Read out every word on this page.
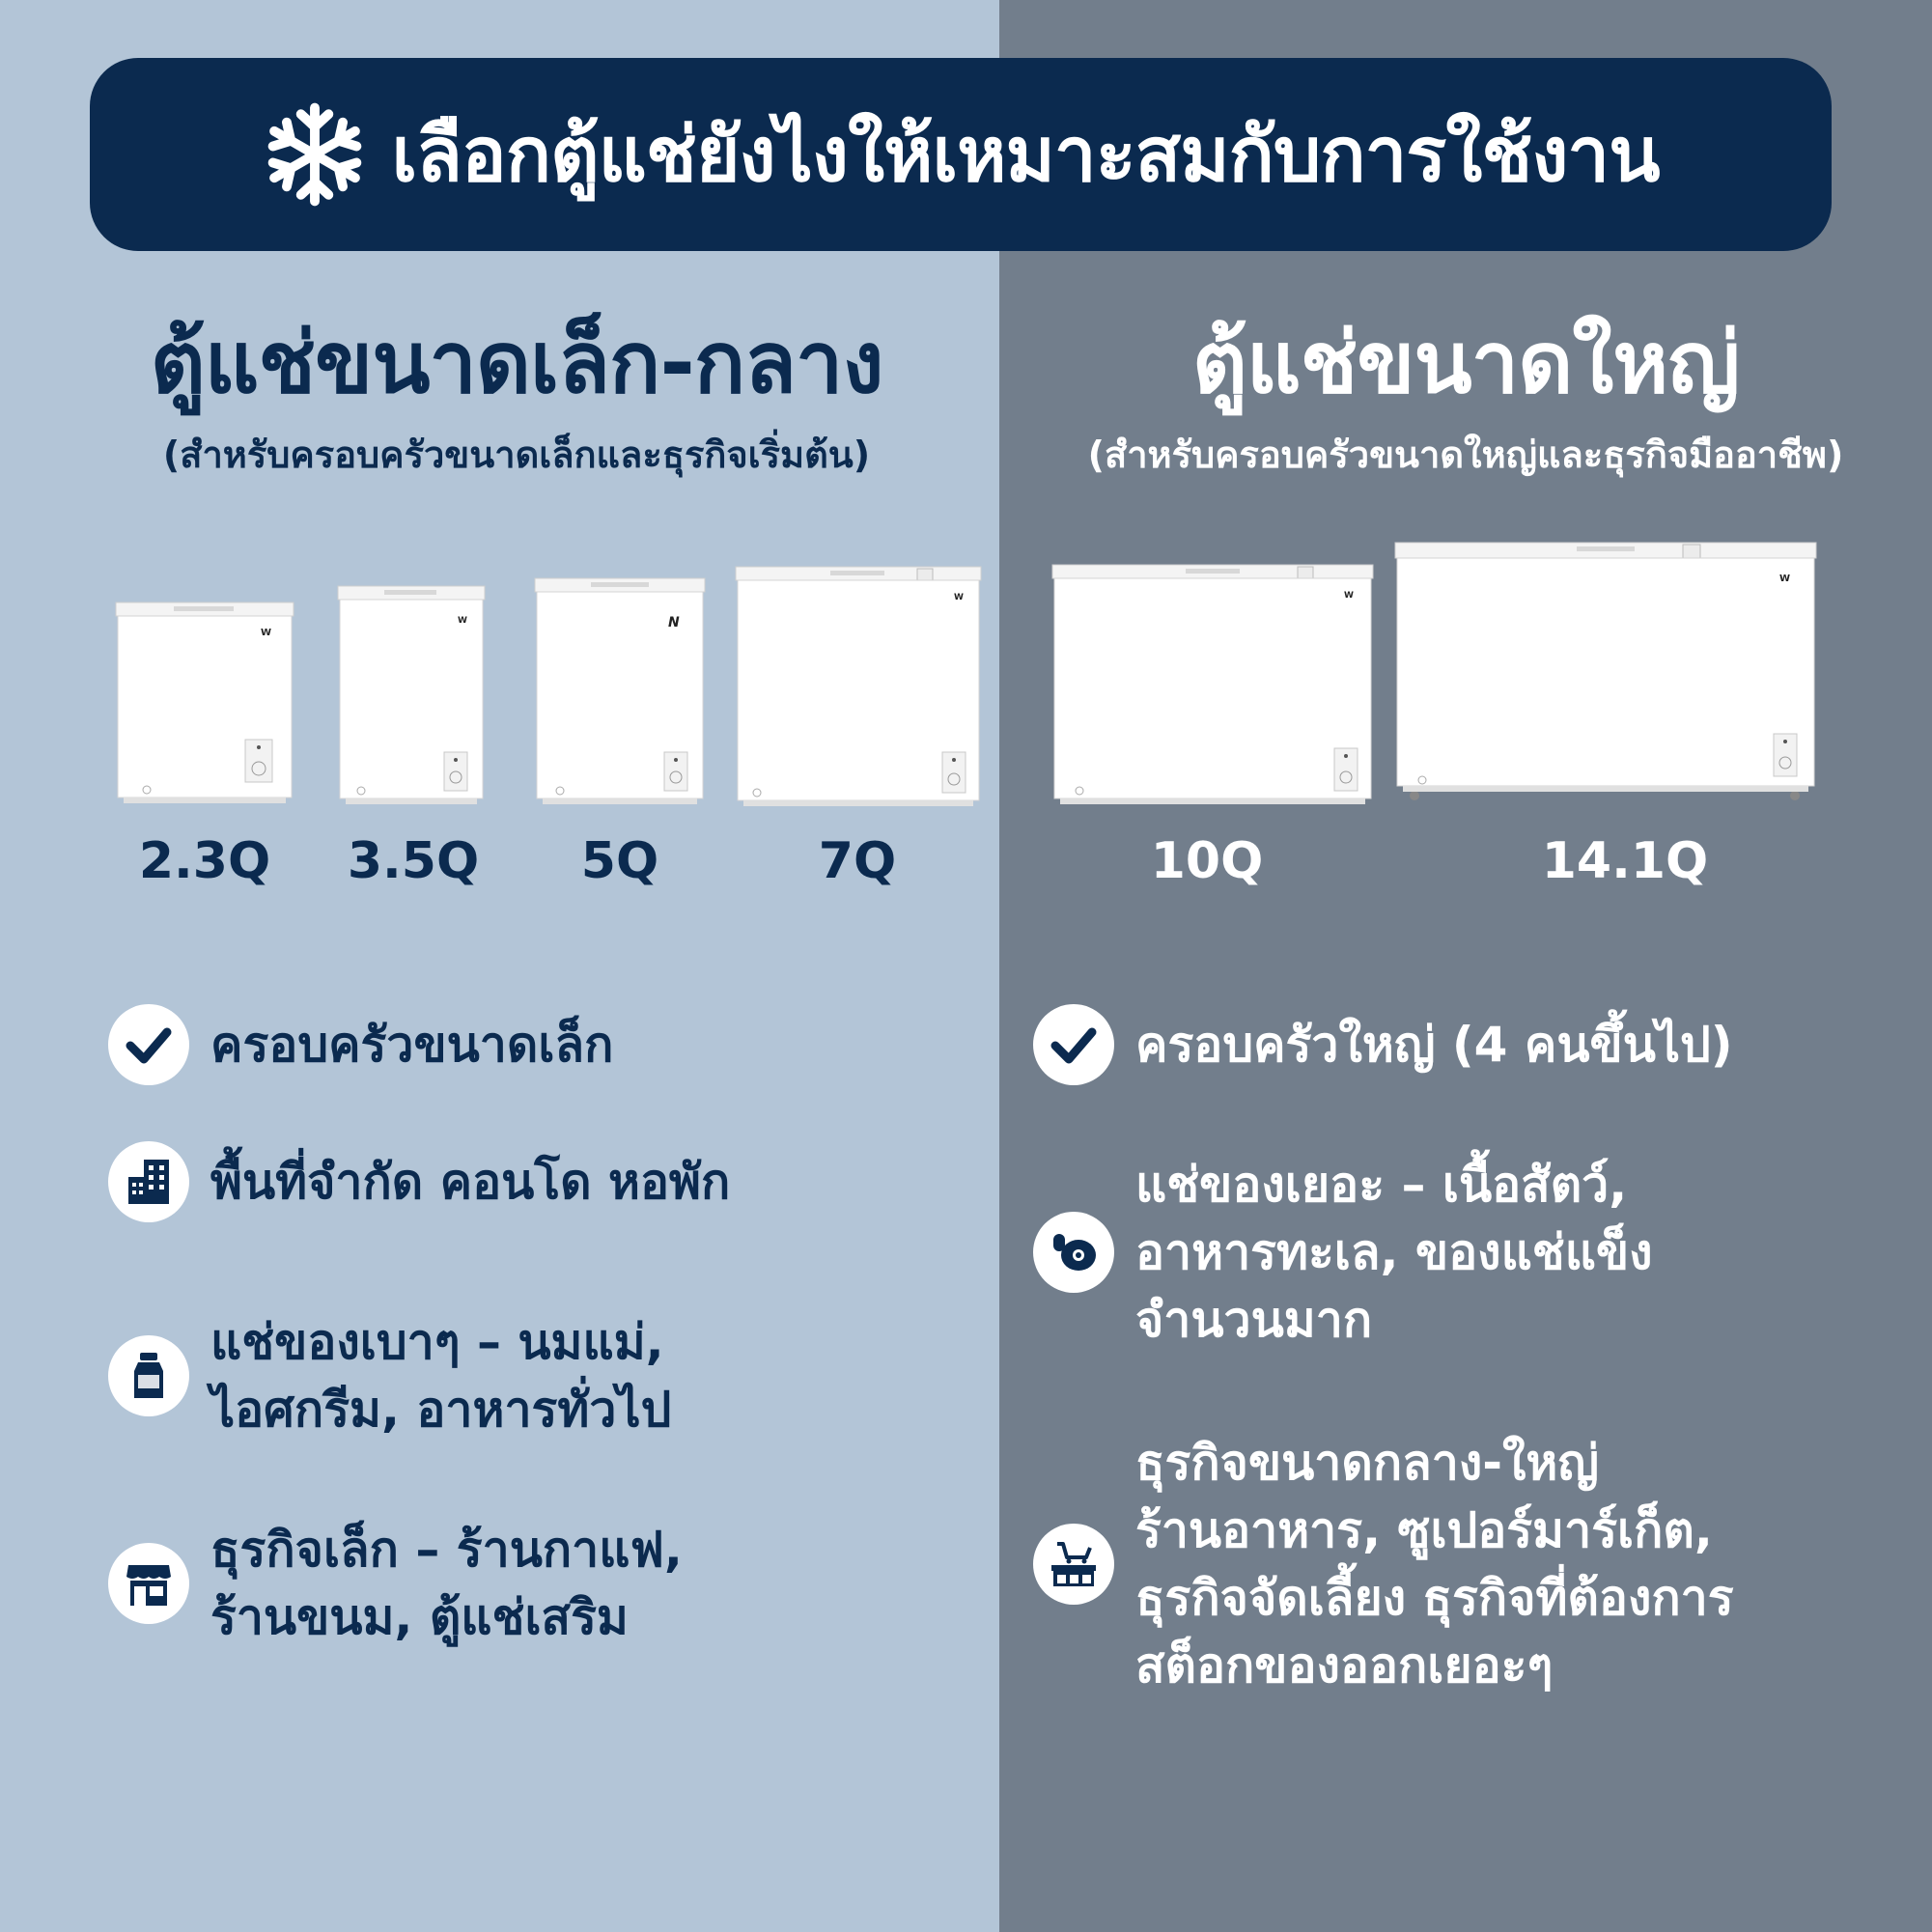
เลือกตู้แช่ยังไงให้เหมาะสมกับการใช้งาน
ตู้แช่ขนาดเล็ก-กลาง
(สำหรับครอบครัวขนาดเล็กและธุรกิจเริ่มต้น)
W
W	N
W
2.3Q	3.5Q	5Q	7Q
ครอบครัวขนาดเล็ก
พื้นที่จำกัด คอนโด หอพัก
แช่ของเบาๆ – นมแม่,
ไอศกรีม, อาหารทั่วไป
ธุรกิจเล็ก – ร้านกาแฟ,
ร้านขนม, ตู้แช่เสริม
ตู้แช่ขนาดใหญ่
(สำหรับครอบครัวขนาดใหญ่และธุรกิจมืออาชีพ)
W
W
10Q	14.1Q
ครอบครัวใหญ่ (4 คนขึ้นไป)
แช่ของเยอะ – เนื้อสัตว์,
อาหารทะเล, ของแช่แข็ง
จำนวนมาก
ธุรกิจขนาดกลาง-ใหญ่
ร้านอาหาร, ซูเปอร์มาร์เก็ต,
ธุรกิจจัดเลี้ยง ธุรกิจที่ต้องการ
สต็อกของออกเยอะๆ
